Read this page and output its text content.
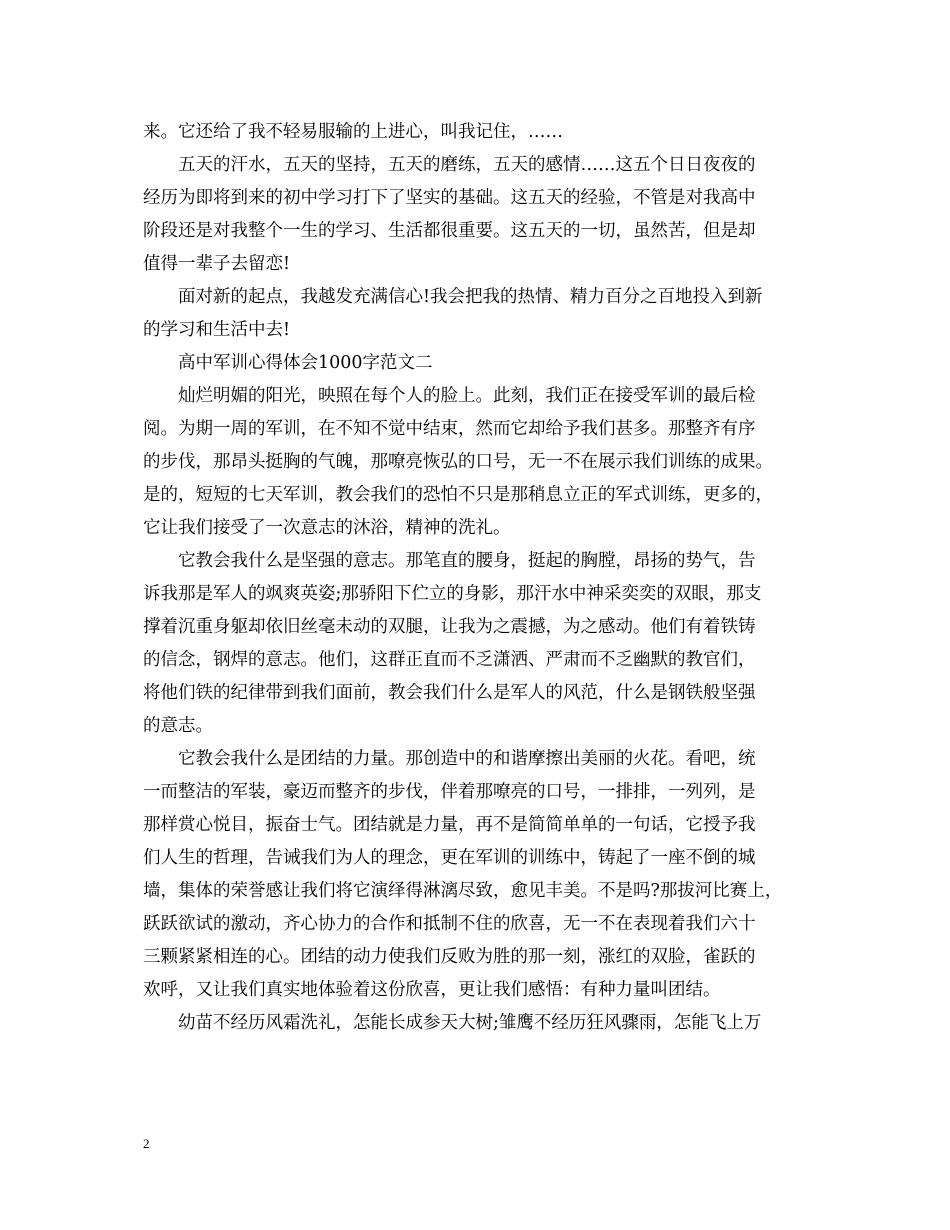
来。它还给了我不轻易服输的上进心，叫我记住，……
五天的汗水，五天的坚持，五天的磨练，五天的感情……这五个日日夜夜的
经历为即将到来的初中学习打下了坚实的基础。这五天的经验，不管是对我高中
阶段还是对我整个一生的学习、生活都很重要。这五天的一切，虽然苦，但是却
值得一辈子去留恋!
面对新的起点，我越发充满信心!我会把我的热情、精力百分之百地投入到新
的学习和生活中去!
高中军训心得体会1000字范文二
灿烂明媚的阳光，映照在每个人的脸上。此刻，我们正在接受军训的最后检
阅。为期一周的军训，在不知不觉中结束，然而它却给予我们甚多。那整齐有序
的步伐，那昂头挺胸的气魄，那嘹亮恢弘的口号，无一不在展示我们训练的成果。
是的，短短的七天军训，教会我们的恐怕不只是那稍息立正的军式训练，更多的，
它让我们接受了一次意志的沐浴，精神的洗礼。
它教会我什么是坚强的意志。那笔直的腰身，挺起的胸膛，昂扬的势气，告
诉我那是军人的飒爽英姿;那骄阳下伫立的身影，那汗水中神采奕奕的双眼，那支
撑着沉重身躯却依旧丝毫未动的双腿，让我为之震撼，为之感动。他们有着铁铸
的信念，钢焊的意志。他们，这群正直而不乏潇洒、严肃而不乏幽默的教官们，
将他们铁的纪律带到我们面前，教会我们什么是军人的风范，什么是钢铁般坚强
的意志。
它教会我什么是团结的力量。那创造中的和谐摩擦出美丽的火花。看吧，统
一而整洁的军装，豪迈而整齐的步伐，伴着那嘹亮的口号，一排排，一列列，是
那样赏心悦目，振奋士气。团结就是力量，再不是简简单单的一句话，它授予我
们人生的哲理，告诫我们为人的理念，更在军训的训练中，铸起了一座不倒的城
墙，集体的荣誉感让我们将它演绎得淋漓尽致，愈见丰美。不是吗?那拔河比赛上，
跃跃欲试的激动，齐心协力的合作和抵制不住的欣喜，无一不在表现着我们六十
三颗紧紧相连的心。团结的动力使我们反败为胜的那一刻，涨红的双脸，雀跃的
欢呼，又让我们真实地体验着这份欣喜，更让我们感悟：有种力量叫团结。
幼苗不经历风霜洗礼，怎能长成参天大树;雏鹰不经历狂风骤雨，怎能飞上万
2
